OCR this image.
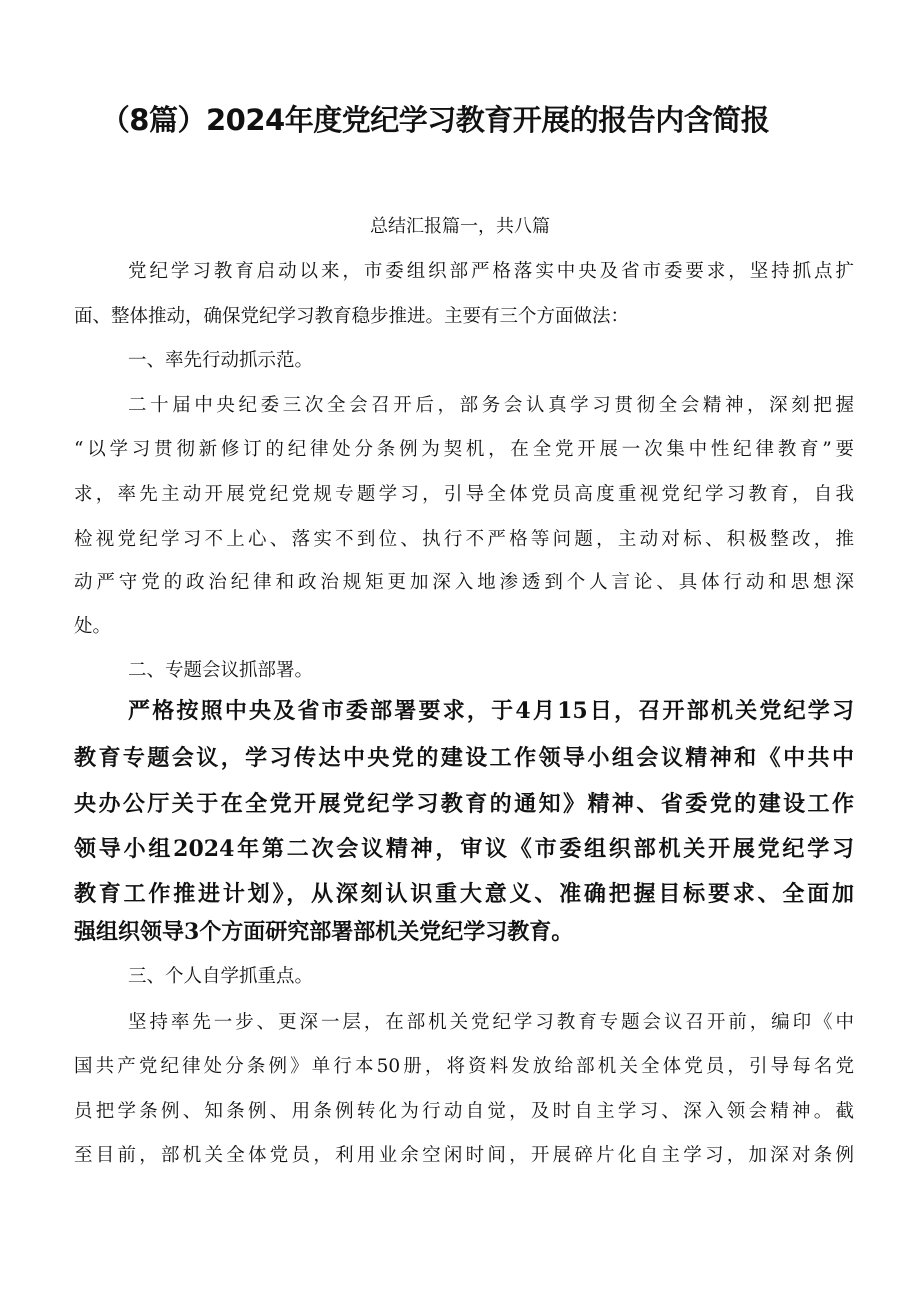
（8篇）2024年度党纪学习教育开展的报告内含简报
总结汇报篇一，共八篇
党纪学习教育启动以来，市委组织部严格落实中央及省市委要求，坚持抓点扩
面、整体推动，确保党纪学习教育稳步推进。主要有三个方面做法：
一、率先行动抓示范。
二十届中央纪委三次全会召开后，部务会认真学习贯彻全会精神，深刻把握
“以学习贯彻新修订的纪律处分条例为契机，在全党开展一次集中性纪律教育”要
求，率先主动开展党纪党规专题学习，引导全体党员高度重视党纪学习教育，自我
检视党纪学习不上心、落实不到位、执行不严格等问题，主动对标、积极整改，推
动严守党的政治纪律和政治规矩更加深入地渗透到个人言论、具体行动和思想深
处。
二、专题会议抓部署。
严格按照中央及省市委部署要求，于4月15日，召开部机关党纪学习
教育专题会议，学习传达中央党的建设工作领导小组会议精神和《中共中
央办公厅关于在全党开展党纪学习教育的通知》精神、省委党的建设工作
领导小组2024年第二次会议精神，审议《市委组织部机关开展党纪学习
教育工作推进计划》，从深刻认识重大意义、准确把握目标要求、全面加
强组织领导3个方面研究部署部机关党纪学习教育。
三、个人自学抓重点。
坚持率先一步、更深一层，在部机关党纪学习教育专题会议召开前，编印《中
国共产党纪律处分条例》单行本50册，将资料发放给部机关全体党员，引导每名党
员把学条例、知条例、用条例转化为行动自觉，及时自主学习、深入领会精神。截
至目前，部机关全体党员，利用业余空闲时间，开展碎片化自主学习，加深对条例
